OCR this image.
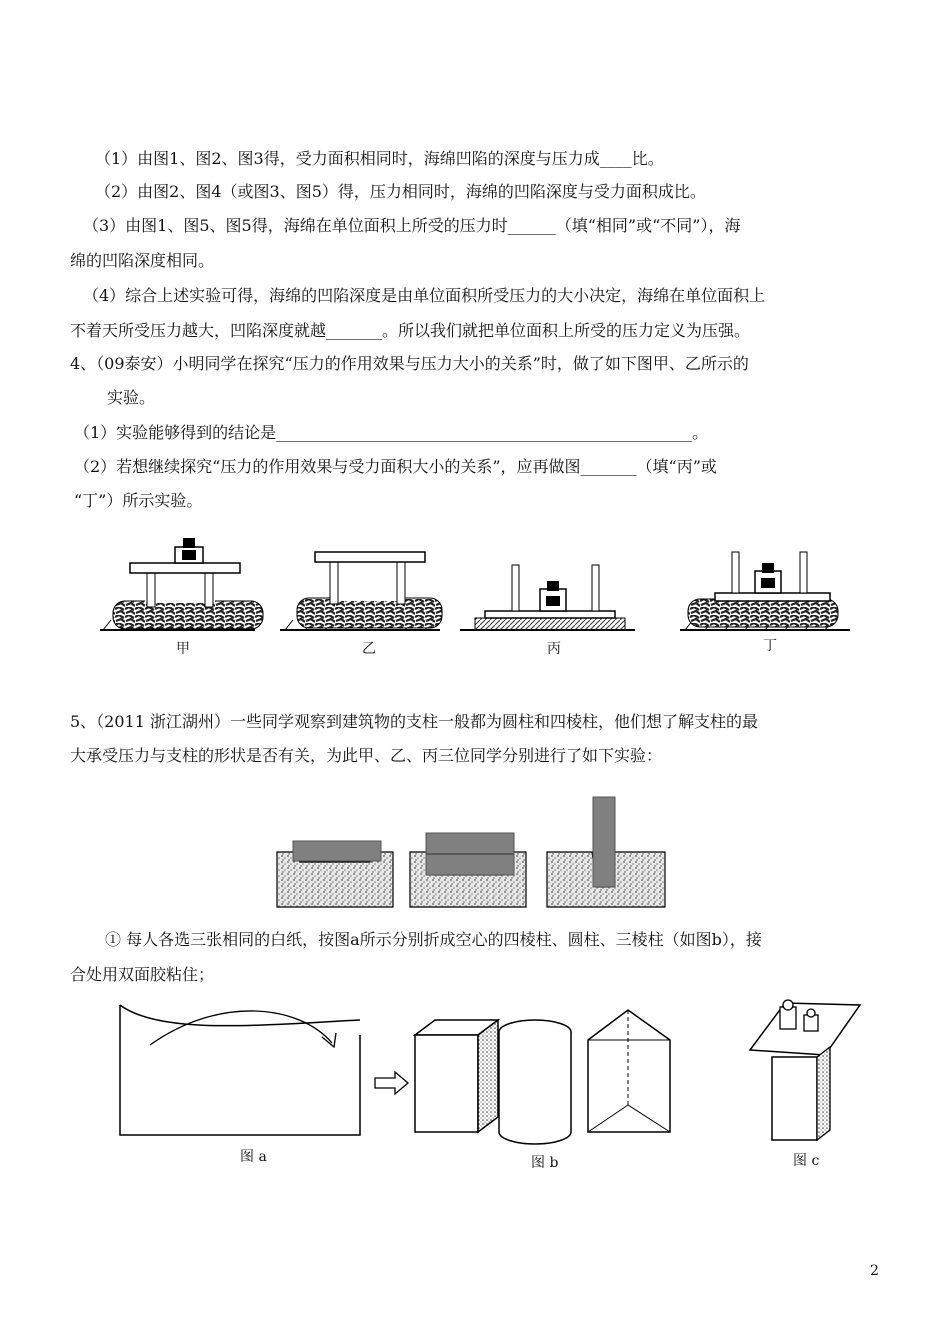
（1）由图1、图2、图3得，受力面积相同时，海绵凹陷的深度与压力成____比。
（2）由图2、图4（或图3、图5）得，压力相同时，海绵的凹陷深度与受力面积成比。
（3）由图1、图5、图5得，海绵在单位面积上所受的压力时______（填“相同”或“不同”），海
绵的凹陷深度相同。
（4）综合上述实验可得，海绵的凹陷深度是由单位面积所受压力的大小决定，海绵在单位面积上
不着天所受压力越大，凹陷深度就越_______。所以我们就把单位面积上所受的压力定义为压强。
4、（09泰安）小明同学在探究“压力的作用效果与压力大小的关系”时，做了如下图甲、乙所示的
实验。
（1）实验能够得到的结论是____________________________________________________。
（2）若想继续探究“压力的作用效果与受力面积大小的关系”，应再做图_______（填“丙”或
“丁”）所示实验。
甲	乙	丙	丁
5、（2011 浙江湖州）一些同学观察到建筑物的支柱一般都为圆柱和四棱柱，他们想了解支柱的最
大承受压力与支柱的形状是否有关，为此甲、乙、丙三位同学分别进行了如下实验：
① 每人各选三张相同的白纸，按图a所示分别折成空心的四棱柱、圆柱、三棱柱（如图b），接
合处用双面胶粘住；
图 a	图 b	图 c
2
